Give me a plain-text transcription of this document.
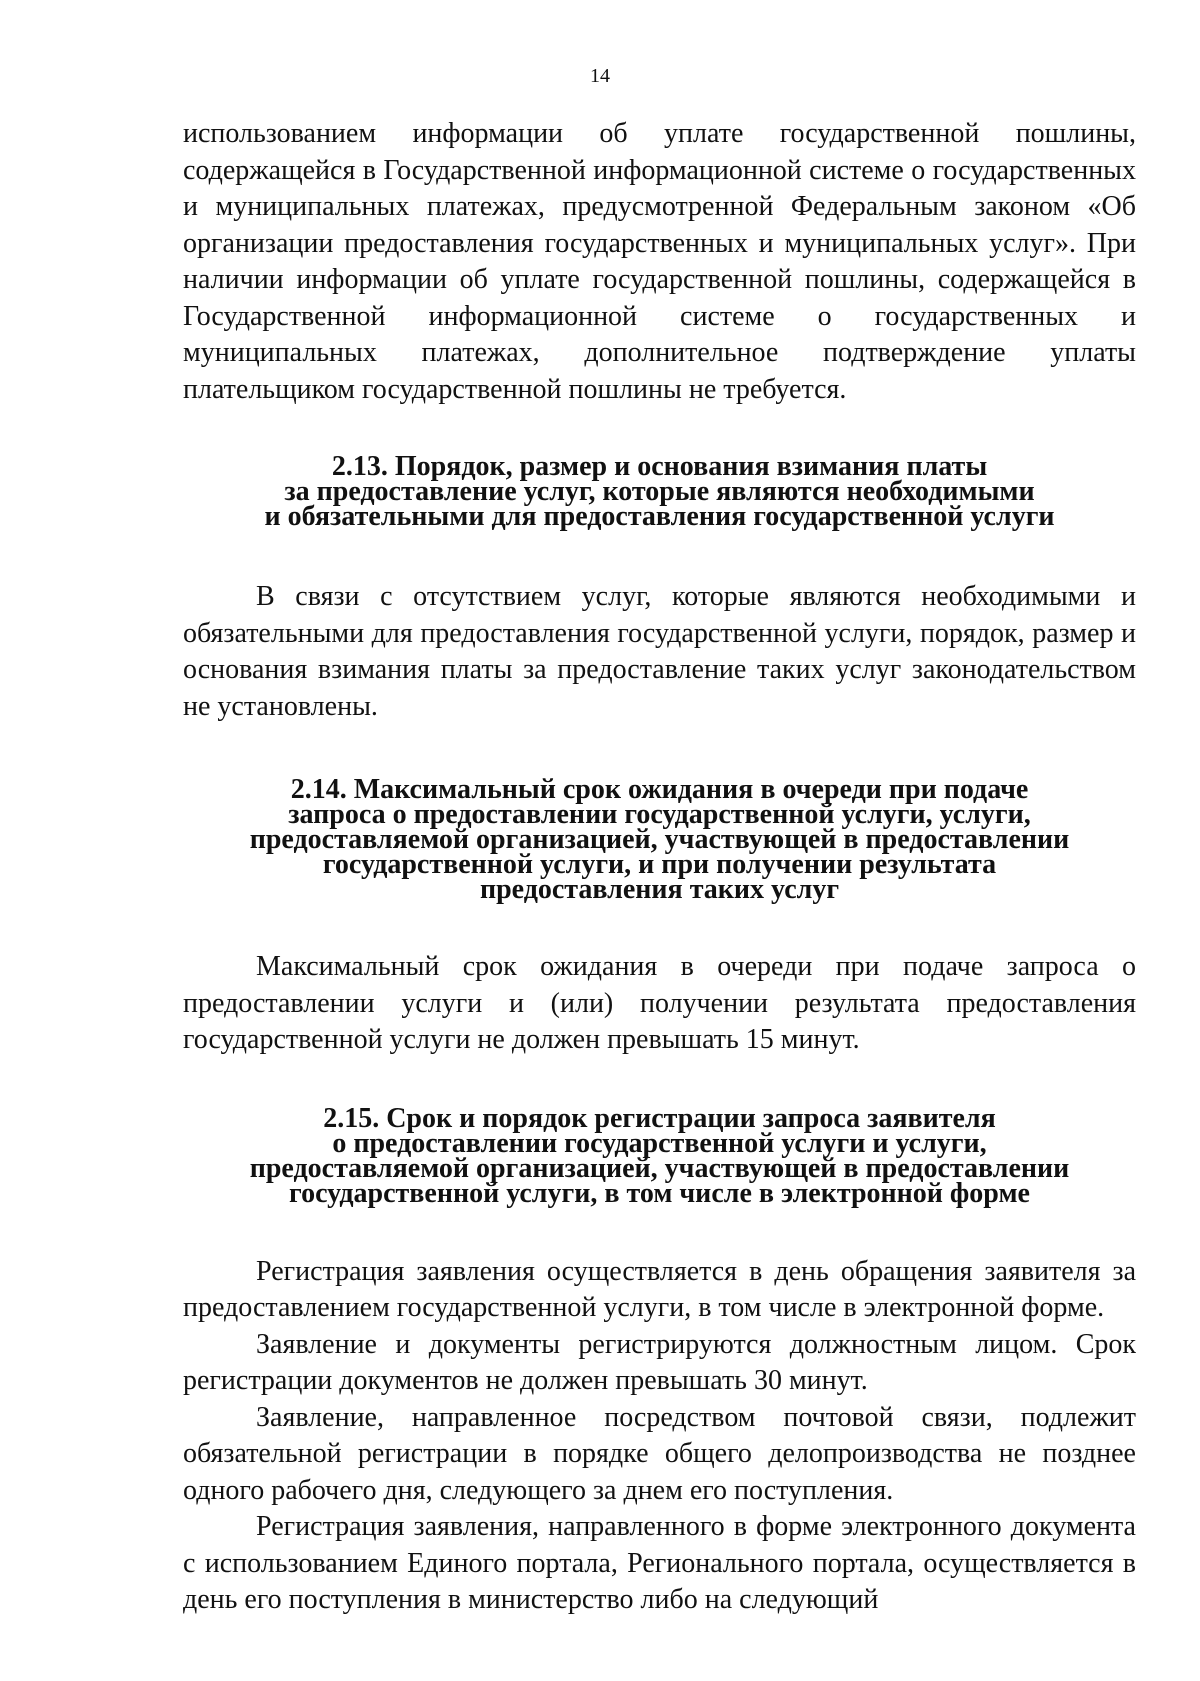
14

использованием информации об уплате государственной пошлины, содержащейся в Государственной информационной системе о государственных и муниципальных платежах, предусмотренной Федеральным законом «Об организации предоставления государственных и муниципальных услуг». При наличии информации об уплате государственной пошлины, содержащейся в Государственной информационной системе о государственных и муниципальных платежах, дополнительное подтверждение уплаты плательщиком государственной пошлины не требуется.

2.13. Порядок, размер и основания взимания платы
за предоставление услуг, которые являются необходимыми
и обязательными для предоставления государственной услуги

В связи с отсутствием услуг, которые являются необходимыми и обязательными для предоставления государственной услуги, порядок, размер и основания взимания платы за предоставление таких услуг законодательством не установлены.

2.14. Максимальный срок ожидания в очереди при подаче
запроса о предоставлении государственной услуги, услуги,
предоставляемой организацией, участвующей в предоставлении
государственной услуги, и при получении результата
предоставления таких услуг

Максимальный срок ожидания в очереди при подаче запроса о предоставлении услуги и (или) получении результата предоставления государственной услуги не должен превышать 15 минут.

2.15. Срок и порядок регистрации запроса заявителя
о предоставлении государственной услуги и услуги,
предоставляемой организацией, участвующей в предоставлении
государственной услуги, в том числе в электронной форме

Регистрация заявления осуществляется в день обращения заявителя за предоставлением государственной услуги, в том числе в электронной форме.

Заявление и документы регистрируются должностным лицом. Срок регистрации документов не должен превышать 30 минут.

Заявление, направленное посредством почтовой связи, подлежит обязательной регистрации в порядке общего делопроизводства не позднее одного рабочего дня, следующего за днем его поступления.

Регистрация заявления, направленного в форме электронного документа с использованием Единого портала, Регионального портала, осуществляется в день его поступления в министерство либо на следующий
